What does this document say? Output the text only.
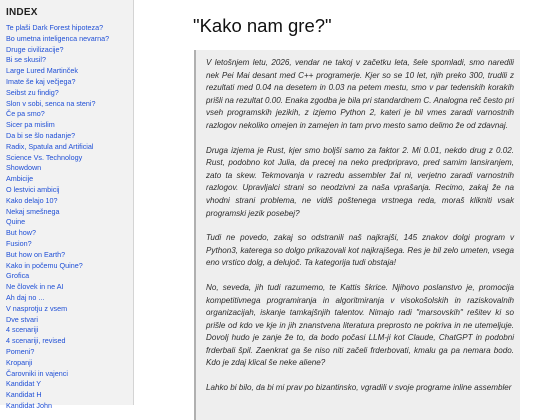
INDEX
Te plaši Dark Forest hipoteza?
Bo umetna inteligenca nevarna?
Druge civilizacije?
Bi se skusil?
Large Lured Martinček
Imate še kaj večjega?
Seibst zu findig?
Slon v sobi, senca na steni?
Če pa smo?
Sicer pa mislim
Da bi se šlo nadanje?
Radix, Spatula and Artificial
Science Vs. Technology
Showdown
Ambicije
O lestvici ambicij
Kako delajo 10?
Nekaj smešnega
Quine
But how?
Fusion?
But how on Earth?
Kako in počemu Quine?
Grofica
Ne človek in ne AI
Ah daj no ...
V nasprotju z vsem
Dve stvari
4 scenariji
4 scenariji, revised
Pomeni?
Kropanji
Čarovniki in vajenci
Kandidat Y
Kandidat H
Kandidat John
"Kako nam gre?"

V letošnjem letu, 2026, vendar ne takoj v začetku leta, šele spomladi, smo naredili nek Pei Mai desant med C++ programerje. Kjer so se 10 let, njih preko 300, trudili z rezultati med 0.04 na desetem in 0.03 na petem mestu, smo v par tedenskih korakih prišli na rezultat 0.00. Enaka zgodba je bila pri standardnem C. Analogna reč često pri vseh programskih jezikih, z izjemo Python 2, kateri je bil vmes zaradi varnostnih razlogov nekoliko omejen in zamejen in tam prvo mesto samo delimo že od zdavnaj.

Druga izjema je Rust, kjer smo boljši samo za faktor 2. Mi 0.01, nekdo drug z 0.02. Rust, podobno kot Julia, da precej na neko predpripravo, pred samim lansiranjem, zato ta skew. Tekmovanja v razredu assembler žal ni, verjetno zaradi varnostnih razlogov. Upravljalci strani so neodzivni za naša vprašanja. Recimo, zakaj že na vhodni strani problema, ne vidiš poštenega vrstnega reda, moraš klikniti vsak programski jezik posebej?

Tudi ne povedo, zakaj so odstranili naš najkrajši, 145 znakov dolgi program v Python3, katerega so dolgo prikazovali kot najkrajšega. Res je bil zelo umeten, vsega eno vrstico dolg, a delujoč. Ta kategorija tudi obstaja!

No, seveda, jih tudi razumemo, te Kattis škrice. Njihovo poslanstvo je, promocija kompetitivnega programiranja in algoritmiranja v visokošolskih in raziskovalnih organizacijah, iskanje tamkajšnjih talentov. Nimajo radi "marsovskih" rešitev ki so prišle od kdo ve kje in jih znanstvena literatura preprosto ne pokriva in ne utemeljuje. Dovolj hudo je zanje že to, da bodo počasi LLM-ji kot Claude, ChatGPT in podobni frderbali špil. Zaenkrat ga še niso niti začeli frderbovati, kmalu ga pa nemara bodo. Kdo je zdaj klical še neke aliene?

Lahko bi bilo, da bi mi prav po bizantinsko, vgradili v svoje programe inline assembler
